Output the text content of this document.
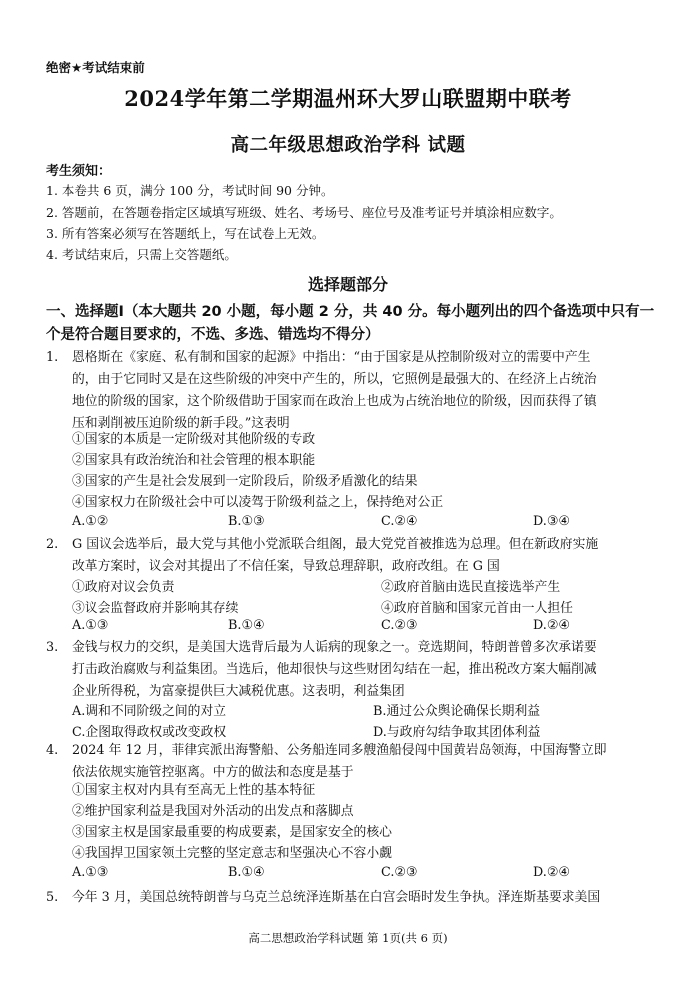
绝密★考试结束前
2024学年第二学期温州环大罗山联盟期中联考
高二年级思想政治学科 试题
考生须知：
1. 本卷共 6 页，满分 100 分，考试时间 90 分钟。
2. 答题前，在答题卷指定区域填写班级、姓名、考场号、座位号及准考证号并填涂相应数字。
3. 所有答案必须写在答题纸上，写在试卷上无效。
4. 考试结束后，只需上交答题纸。
选择题部分
一、选择题Ⅰ（本大题共 20 小题，每小题 2 分，共 40 分。每小题列出的四个备选项中只有一个是符合题目要求的，不选、多选、错选均不得分）
1. 恩格斯在《家庭、私有制和国家的起源》中指出：“由于国家是从控制阶级对立的需要中产生
的，由于它同时又是在这些阶级的冲突中产生的，所以，它照例是最强大的、在经济上占统治
地位的阶级的国家，这个阶级借助于国家而在政治上也成为占统治地位的阶级，因而获得了镇
压和剥削被压迫阶级的新手段。”这表明
①国家的本质是一定阶级对其他阶级的专政
②国家具有政治统治和社会管理的根本职能
③国家的产生是社会发展到一定阶段后，阶级矛盾激化的结果
④国家权力在阶级社会中可以凌驾于阶级利益之上，保持绝对公正
A.①②	B.①③	C.②④	D.③④
2. G 国议会选举后，最大党与其他小党派联合组阁，最大党党首被推选为总理。但在新政府实施
改革方案时，议会对其提出了不信任案，导致总理辞职，政府改组。在 G 国
①政府对议会负责	②政府首脑由选民直接选举产生
③议会监督政府并影响其存续	④政府首脑和国家元首由一人担任
A.①③	B.①④	C.②③	D.②④
3. 金钱与权力的交织，是美国大选背后最为人诟病的现象之一。竞选期间，特朗普曾多次承诺要
打击政治腐败与利益集团。当选后，他却很快与这些财团勾结在一起，推出税改方案大幅削减
企业所得税，为富豪提供巨大减税优惠。这表明，利益集团
A.调和不同阶级之间的对立	B.通过公众舆论确保长期利益
C.企图取得政权或改变政权	D.与政府勾结争取其团体利益
4. 2024 年 12 月，菲律宾派出海警船、公务船连同多艘渔船侵闯中国黄岩岛领海，中国海警立即
依法依规实施管控驱离。中方的做法和态度是基于
①国家主权对内具有至高无上性的基本特征
②维护国家利益是我国对外活动的出发点和落脚点
③国家主权是国家最重要的构成要素，是国家安全的核心
④我国捍卫国家领土完整的坚定意志和坚强决心不容小觑
A.①③	B.①④	C.②③	D.②④
5. 今年 3 月，美国总统特朗普与乌克兰总统泽连斯基在白宫会晤时发生争执。泽连斯基要求美国
高二思想政治学科试题 第 1页(共 6 页)
